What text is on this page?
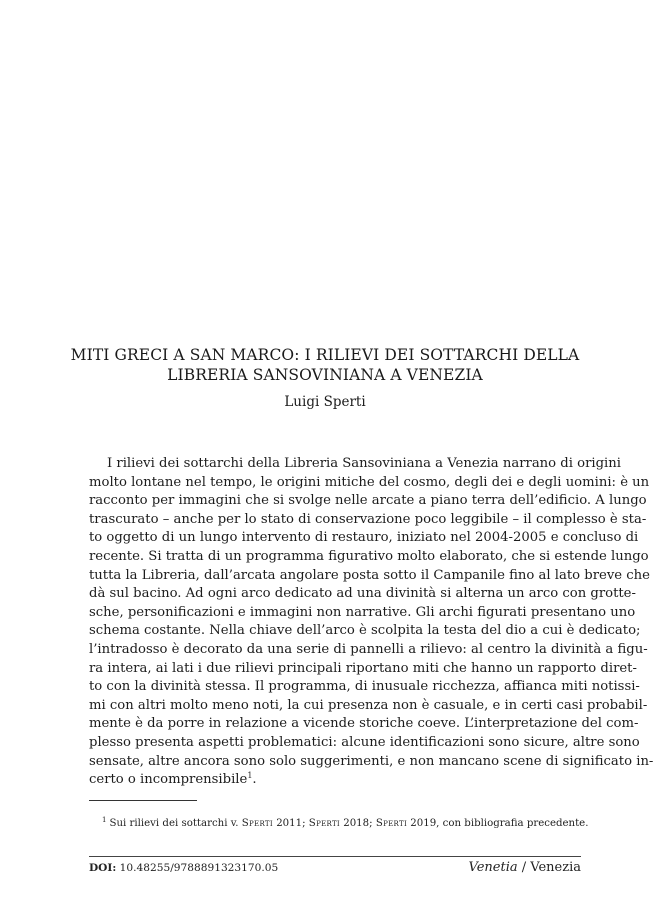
MITI GRECI A SAN MARCO: I RILIEVI DEI SOTTARCHI DELLA
LIBRERIA SANSOVINIANA A VENEZIA
Luigi Sperti
I rilievi dei sottarchi della Libreria Sansoviniana a Venezia narrano di origini
molto lontane nel tempo, le origini mitiche del cosmo, degli dei e degli uomini: è un
racconto per immagini che si svolge nelle arcate a piano terra dell’edificio. A lungo
trascurato – anche per lo stato di conservazione poco leggibile – il complesso è sta-
to oggetto di un lungo intervento di restauro, iniziato nel 2004-2005 e concluso di
recente. Si tratta di un programma figurativo molto elaborato, che si estende lungo
tutta la Libreria, dall’arcata angolare posta sotto il Campanile fino al lato breve che
dà sul bacino. Ad ogni arco dedicato ad una divinità si alterna un arco con grotte-
sche, personificazioni e immagini non narrative. Gli archi figurati presentano uno
schema costante. Nella chiave dell’arco è scolpita la testa del dio a cui è dedicato;
l’intradosso è decorato da una serie di pannelli a rilievo: al centro la divinità a figu-
ra intera, ai lati i due rilievi principali riportano miti che hanno un rapporto diret-
to con la divinità stessa. Il programma, di inusuale ricchezza, affianca miti notissi-
mi con altri molto meno noti, la cui presenza non è casuale, e in certi casi probabil-
mente è da porre in relazione a vicende storiche coeve. L’interpretazione del com-
plesso presenta aspetti problematici: alcune identificazioni sono sicure, altre sono
sensate, altre ancora sono solo suggerimenti, e non mancano scene di significato in-
certo o incomprensibile$^1$.
$^1$ Sui rilievi dei sottarchi v. Sperti 2011; Sperti 2018; Sperti 2019, con bibliografia precedente.
DOI: 10.48255/9788891323170.05	Venetia / Venezia
